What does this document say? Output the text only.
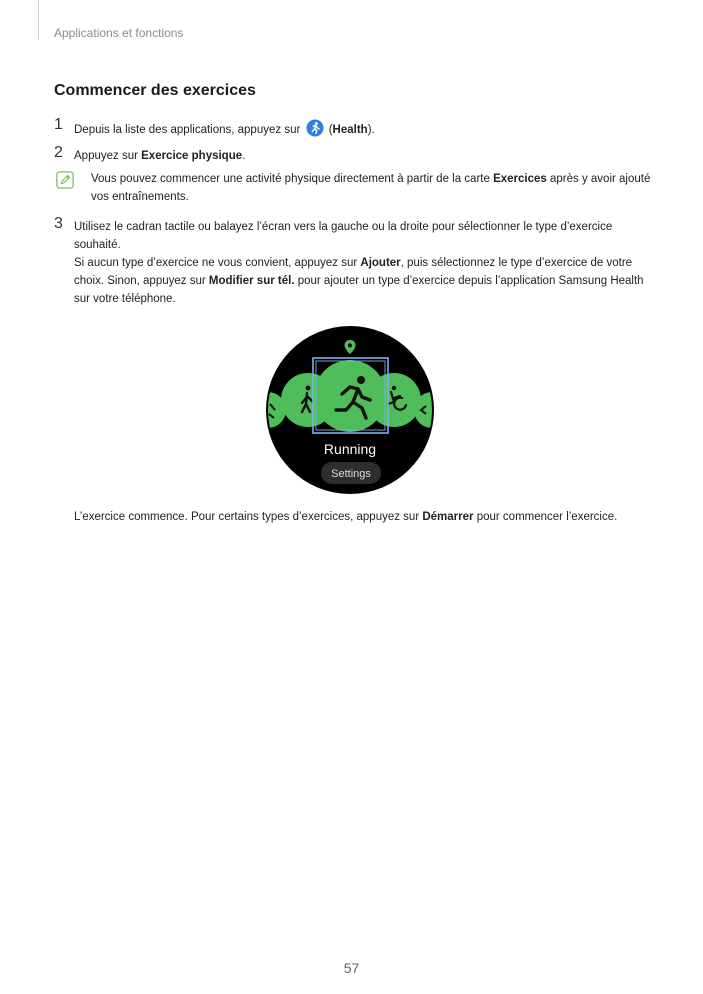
Applications et fonctions
Commencer des exercices
1 Depuis la liste des applications, appuyez sur  (Health).
2 Appuyez sur Exercice physique.

Vous pouvez commencer une activité physique directement à partir de la carte Exercices après y avoir ajouté vos entraînements.

3 Utilisez le cadran tactile ou balayez l’écran vers la gauche ou la droite pour sélectionner le type d’exercice souhaité.

Si aucun type d’exercice ne vous convient, appuyez sur Ajouter, puis sélectionnez le type d’exercice de votre choix. Sinon, appuyez sur Modifier sur tél. pour ajouter un type d’exercice depuis l’application Samsung Health sur votre téléphone.

Running
Settings

L’exercice commence. Pour certains types d’exercices, appuyez sur Démarrer pour commencer l’exercice.

57
